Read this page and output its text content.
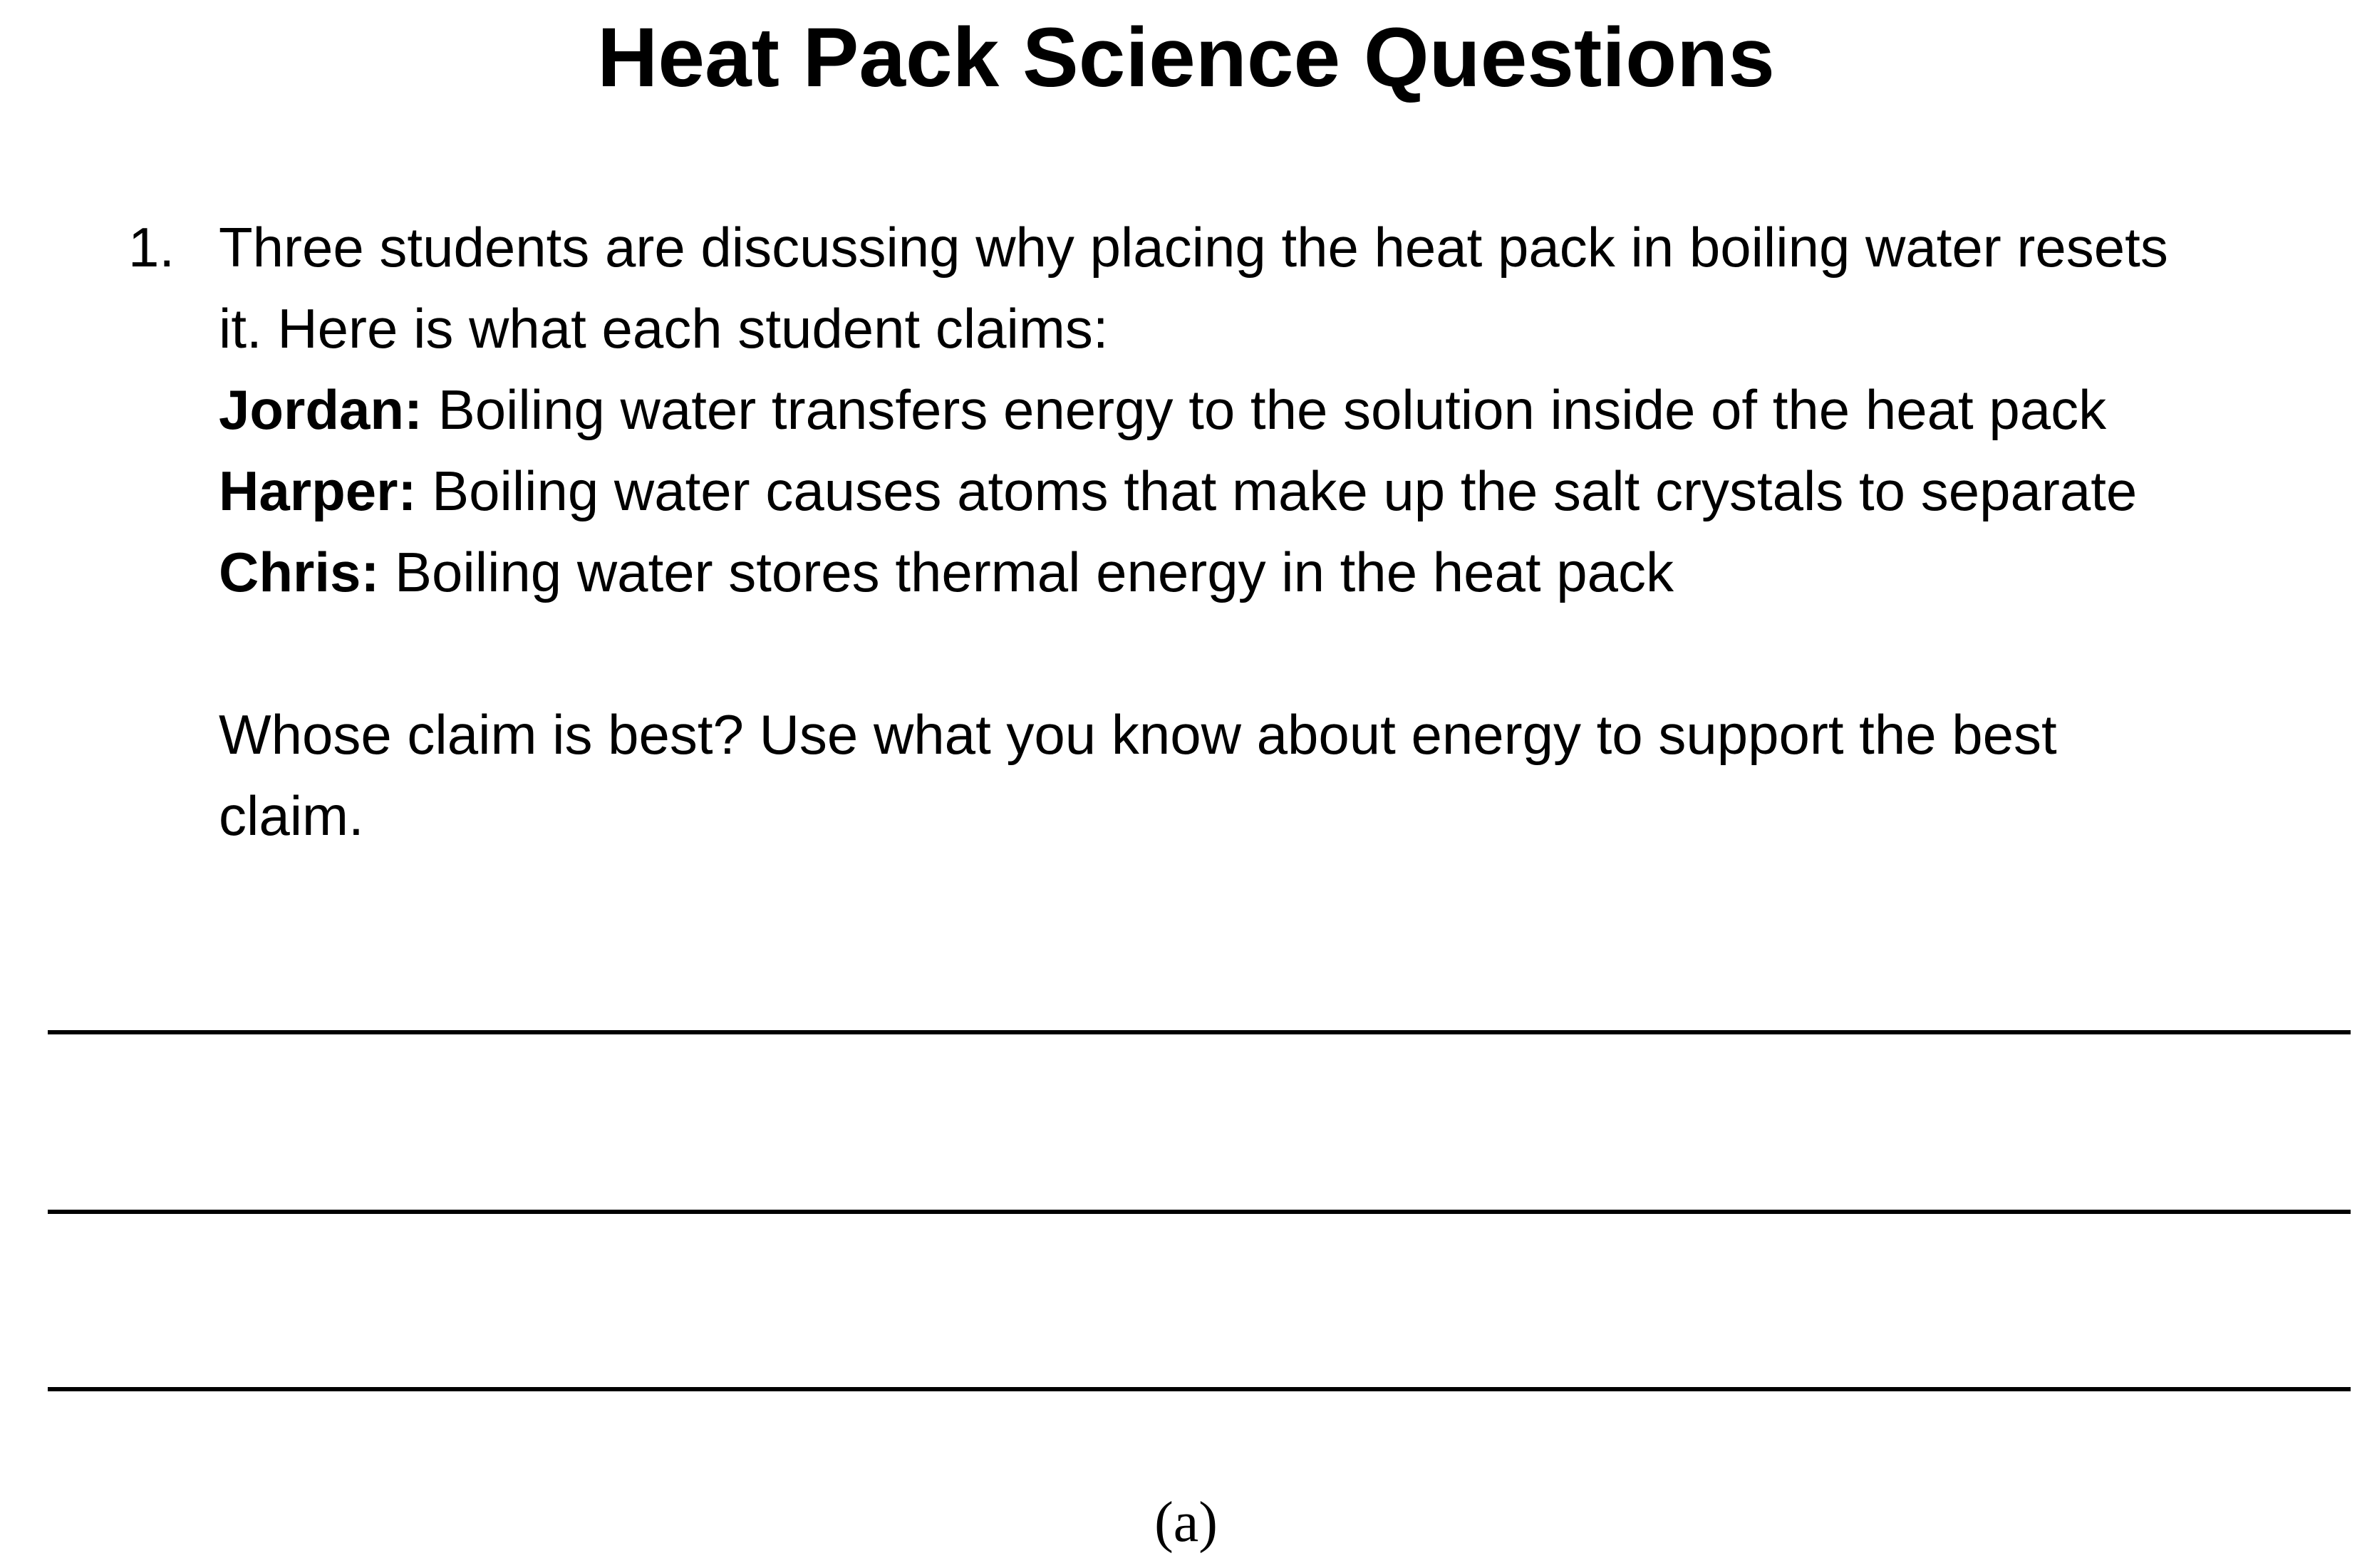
Heat Pack Science Questions
1. Three students are discussing why placing the heat pack in boiling water resets
it. Here is what each student claims:
Jordan: Boiling water transfers energy to the solution inside of the heat pack
Harper: Boiling water causes atoms that make up the salt crystals to separate
Chris: Boiling water stores thermal energy in the heat pack
Whose claim is best? Use what you know about energy to support the best
claim.
(a)
